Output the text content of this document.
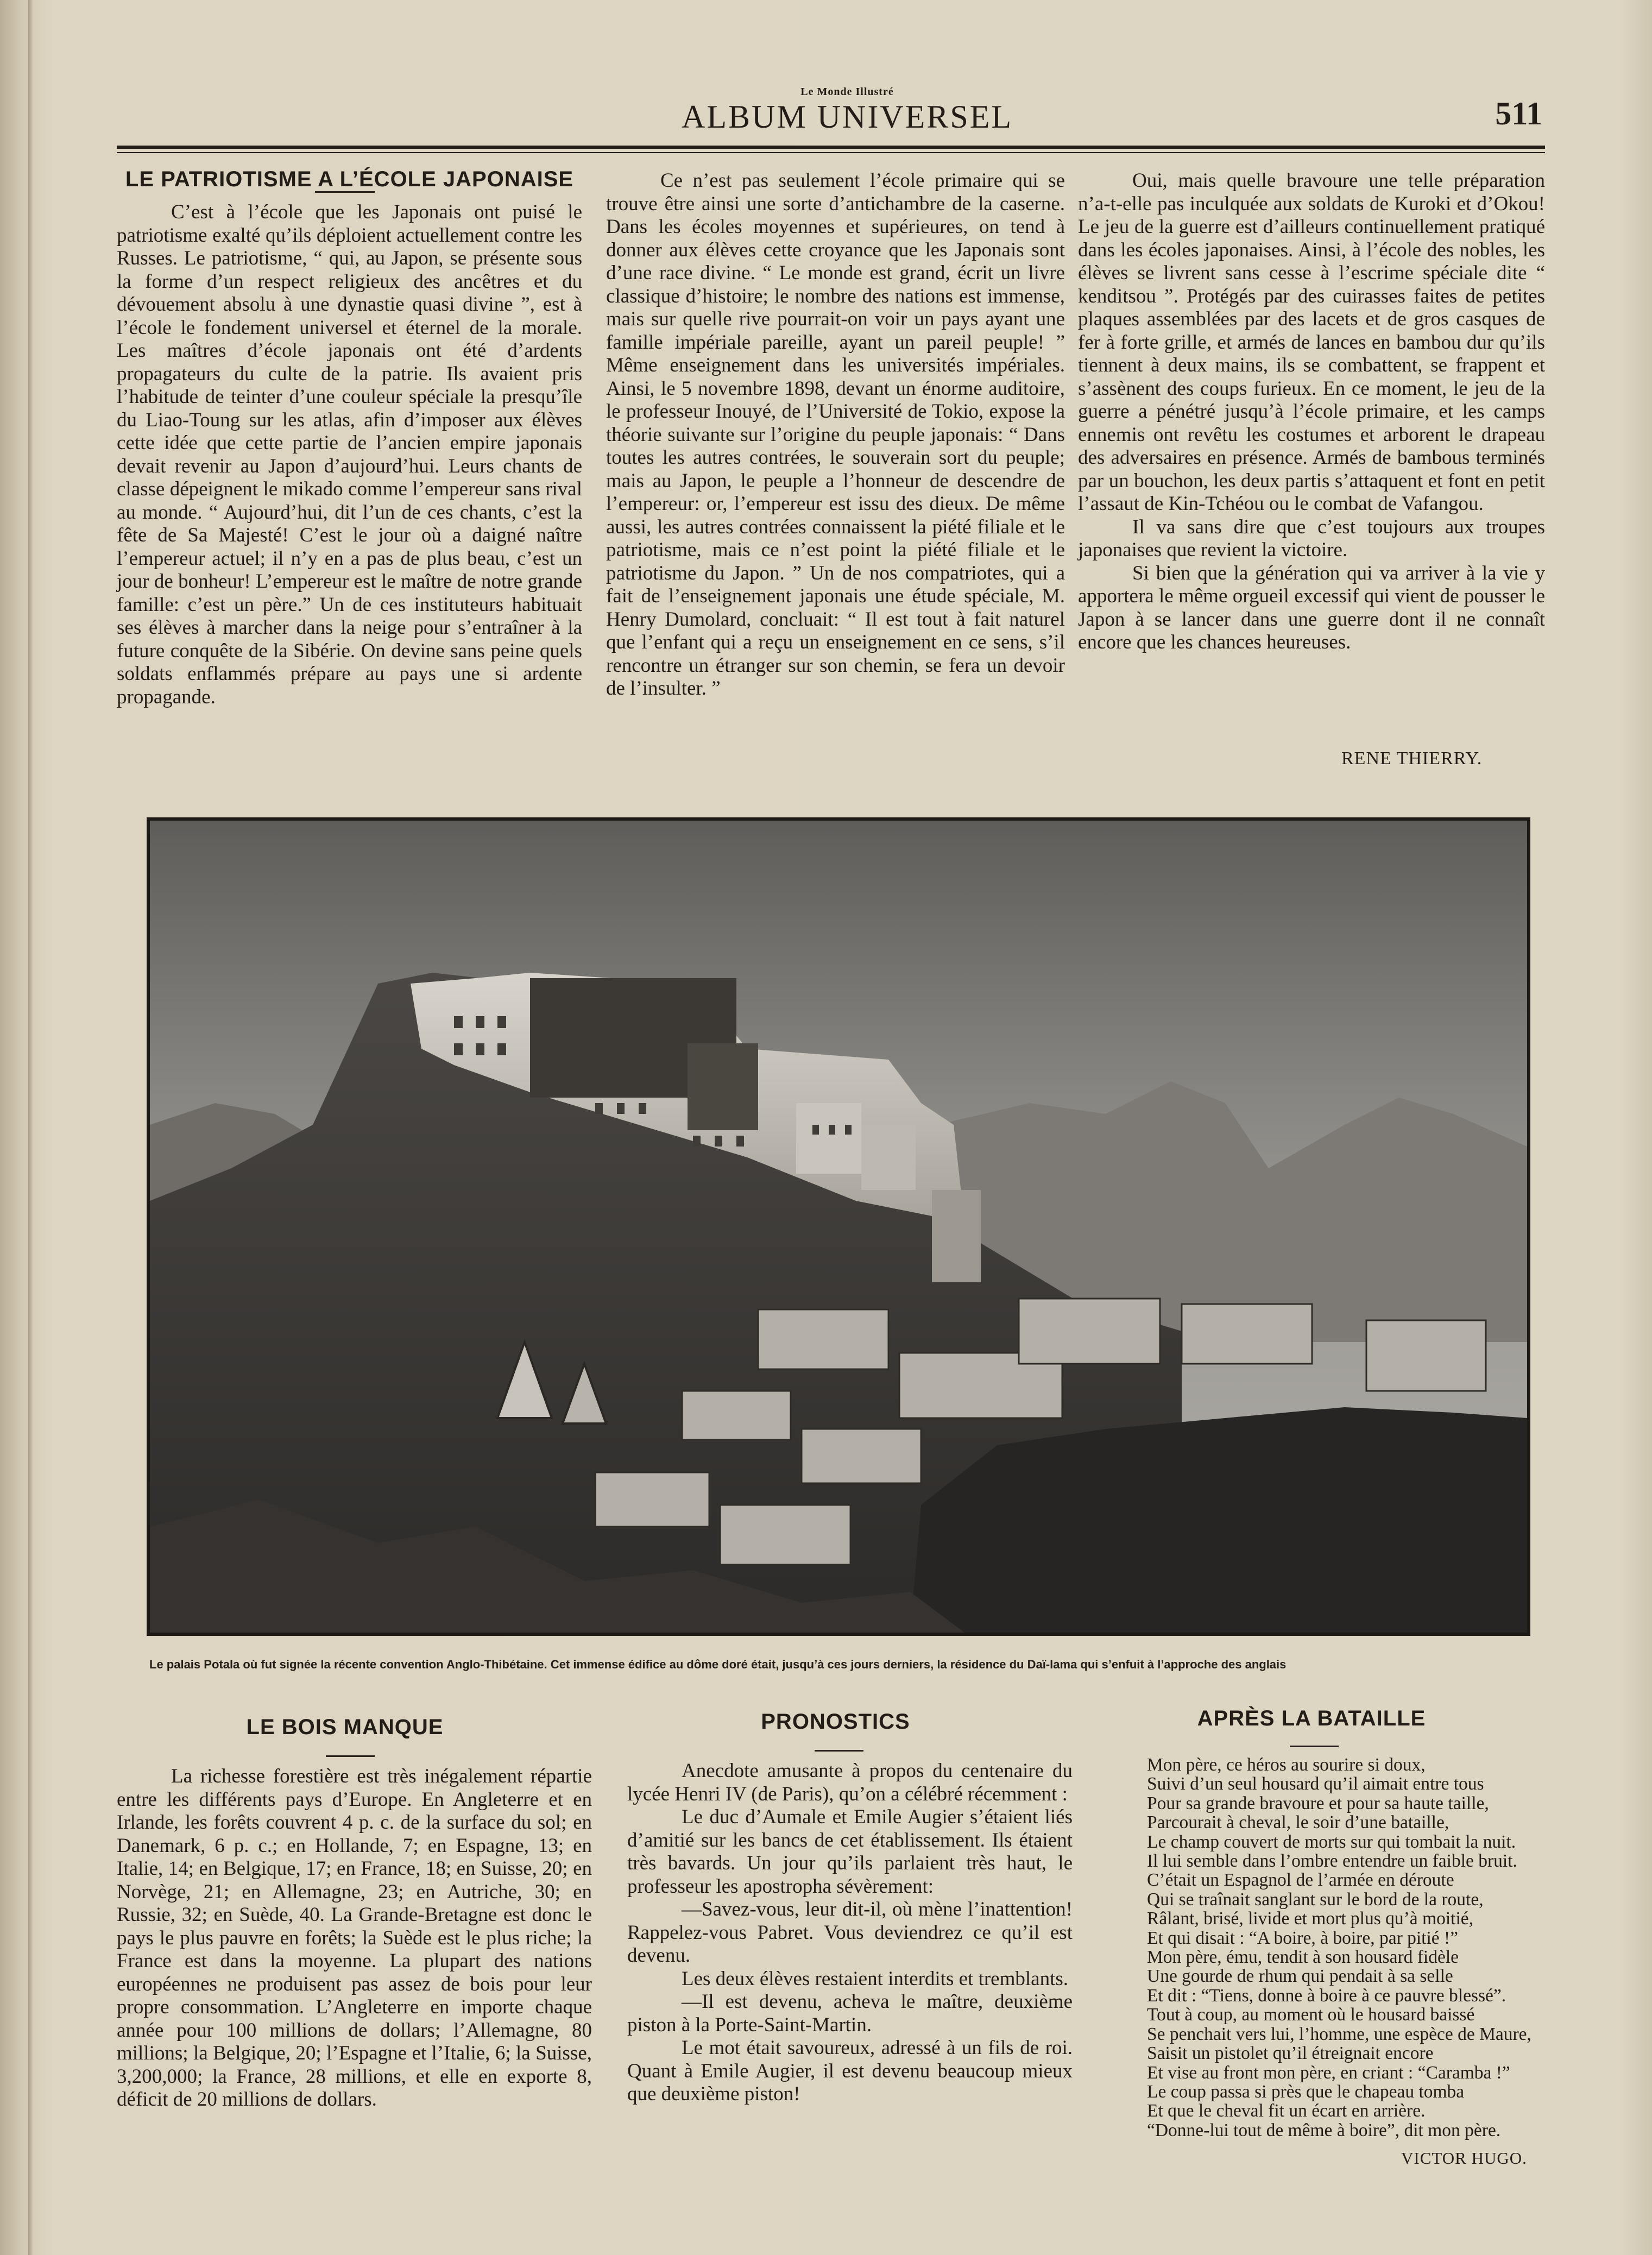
Le Monde Illustré
ALBUM UNIVERSEL	511
LE PATRIOTISME A L’ÉCOLE JAPONAISE

C’est à l’école que les Japonais ont puisé le patriotisme exalté qu’ils déploient actuellement contre les Russes. Le patriotisme, “ qui, au Japon, se présente sous la forme d’un respect religieux des ancêtres et du dévouement absolu à une dynastie quasi divine ”, est à l’école le fondement universel et éternel de la morale. Les maîtres d’école japonais ont été d’ardents propagateurs du culte de la patrie. Ils avaient pris l’habitude de teinter d’une couleur spéciale la presqu’île du Liao-Toung sur les atlas, afin d’imposer aux élèves cette idée que cette partie de l’ancien empire japonais devait revenir au Japon d’aujourd’hui. Leurs chants de classe dépeignent le mikado comme l’empereur sans rival au monde. “ Aujourd’hui, dit l’un de ces chants, c’est la fête de Sa Majesté! C’est le jour où a daigné naître l’empereur actuel; il n’y en a pas de plus beau, c’est un jour de bonheur! L’empereur est le maître de notre grande famille: c’est un père.” Un de ces instituteurs habituait ses élèves à marcher dans la neige pour s’entraîner à la future conquête de la Sibérie. On devine sans peine quels soldats enflammés prépare au pays une si ardente propagande.

Ce n’est pas seulement l’école primaire qui se trouve être ainsi une sorte d’antichambre de la caserne. Dans les écoles moyennes et supérieures, on tend à donner aux élèves cette croyance que les Japonais sont d’une race divine. “ Le monde est grand, écrit un livre classique d’histoire; le nombre des nations est immense, mais sur quelle rive pourrait-on voir un pays ayant une famille impériale pareille, ayant un pareil peuple! ” Même enseignement dans les universités impériales. Ainsi, le 5 novembre 1898, devant un énorme auditoire, le professeur Inouyé, de l’Université de Tokio, expose la théorie suivante sur l’origine du peuple japonais: “ Dans toutes les autres contrées, le souverain sort du peuple; mais au Japon, le peuple a l’honneur de descendre de l’empereur: or, l’empereur est issu des dieux. De même aussi, les autres contrées connaissent la piété filiale et le patriotisme, mais ce n’est point la piété filiale et le patriotisme du Japon. ” Un de nos compatriotes, qui a fait de l’enseignement japonais une étude spéciale, M. Henry Dumolard, concluait: “ Il est tout à fait naturel que l’enfant qui a reçu un enseignement en ce sens, s’il rencontre un étranger sur son chemin, se fera un devoir de l’insulter. ”

Oui, mais quelle bravoure une telle préparation n’a-t-elle pas inculquée aux soldats de Kuroki et d’Okou! Le jeu de la guerre est d’ailleurs continuellement pratiqué dans les écoles japonaises. Ainsi, à l’école des nobles, les élèves se livrent sans cesse à l’escrime spéciale dite “ kenditsou ”. Protégés par des cuirasses faites de petites plaques assemblées par des lacets et de gros casques de fer à forte grille, et armés de lances en bambou dur qu’ils tiennent à deux mains, ils se combattent, se frappent et s’assènent des coups furieux. En ce moment, le jeu de la guerre a pénétré jusqu’à l’école primaire, et les camps ennemis ont revêtu les costumes et arborent le drapeau des adversaires en présence. Armés de bambous terminés par un bouchon, les deux partis s’attaquent et font en petit l’assaut de Kin-Tchéou ou le combat de Vafangou.

Il va sans dire que c’est toujours aux troupes japonaises que revient la victoire.

Si bien que la génération qui va arriver à la vie y apportera le même orgueil excessif qui vient de pousser le Japon à se lancer dans une guerre dont il ne connaît encore que les chances heureuses.

RENE THIERRY.
Le palais Potala où fut signée la récente convention Anglo-Thibétaine. Cet immense édifice au dôme doré était, jusqu’à ces jours derniers, la résidence du Daï-lama qui s’enfuit à l’approche des anglais
LE BOIS MANQUE

La richesse forestière est très inégalement répartie entre les différents pays d’Europe. En Angleterre et en Irlande, les forêts couvrent 4 p. c. de la surface du sol; en Danemark, 6 p. c.; en Hollande, 7; en Espagne, 13; en Italie, 14; en Belgique, 17; en France, 18; en Suisse, 20; en Norvège, 21; en Allemagne, 23; en Autriche, 30; en Russie, 32; en Suède, 40. La Grande-Bretagne est donc le pays le plus pauvre en forêts; la Suède est le plus riche; la France est dans la moyenne. La plupart des nations européennes ne produisent pas assez de bois pour leur propre consommation. L’Angleterre en importe chaque année pour 100 millions de dollars; l’Allemagne, 80 millions; la Belgique, 20; l’Espagne et l’Italie, 6; la Suisse, 3,200,000; la France, 28 millions, et elle en exporte 8, déficit de 20 millions de dollars.

PRONOSTICS

Anecdote amusante à propos du centenaire du lycée Henri IV (de Paris), qu’on a célébré récemment :

Le duc d’Aumale et Emile Augier s’étaient liés d’amitié sur les bancs de cet établissement. Ils étaient très bavards. Un jour qu’ils parlaient très haut, le professeur les apostropha sévèrement:

—Savez-vous, leur dit-il, où mène l’inattention! Rappelez-vous Pabret. Vous deviendrez ce qu’il est devenu.

Les deux élèves restaient interdits et tremblants.

—Il est devenu, acheva le maître, deuxième piston à la Porte-Saint-Martin.

Le mot était savoureux, adressé à un fils de roi. Quant à Emile Augier, il est devenu beaucoup mieux que deuxième piston!

APRÈS LA BATAILLE

Mon père, ce héros au sourire si doux,

Suivi d’un seul housard qu’il aimait entre tous

Pour sa grande bravoure et pour sa haute taille,

Parcourait à cheval, le soir d’une bataille,

Le champ couvert de morts sur qui tombait la nuit.

Il lui semble dans l’ombre entendre un faible bruit.

C’était un Espagnol de l’armée en déroute

Qui se traînait sanglant sur le bord de la route,

Râlant, brisé, livide et mort plus qu’à moitié,

Et qui disait : “A boire, à boire, par pitié !”

Mon père, ému, tendit à son housard fidèle

Une gourde de rhum qui pendait à sa selle

Et dit : “Tiens, donne à boire à ce pauvre blessé”.

Tout à coup, au moment où le housard baissé

Se penchait vers lui, l’homme, une espèce de Maure,

Saisit un pistolet qu’il étreignait encore

Et vise au front mon père, en criant : “Caramba !”

Le coup passa si près que le chapeau tomba

Et que le cheval fit un écart en arrière.

“Donne-lui tout de même à boire”, dit mon père.

VICTOR HUGO.
